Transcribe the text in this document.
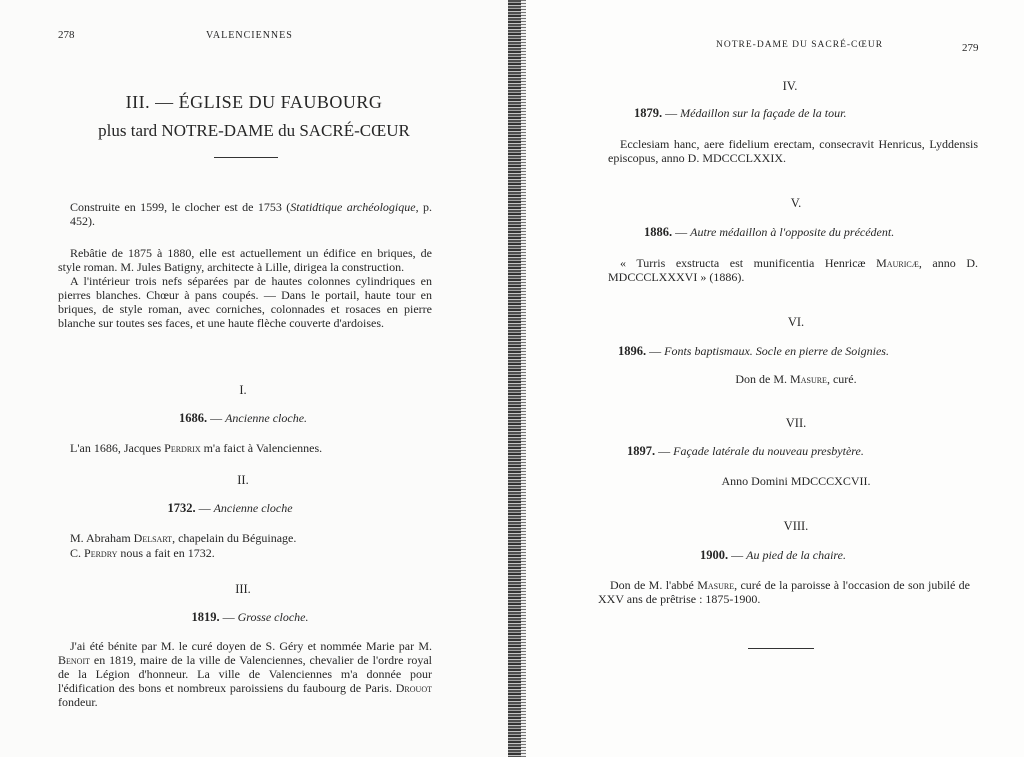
278	VALENCIENNES
III. — ÉGLISE DU FAUBOURG
plus tard NOTRE-DAME du SACRÉ-CŒUR

Construite en 1599, le clocher est de 1753 (Statidtique archéologique, p. 452).

Rebâtie de 1875 à 1880, elle est actuellement un édifice en briques, de style roman. M. Jules Batigny, architecte à Lille, dirigea la construction.

A l'intérieur trois nefs séparées par de hautes colonnes cylindriques en pierres blanches. Chœur à pans coupés. — Dans le portail, haute tour en briques, de style roman, avec corniches, colonnades et rosaces en pierre blanche sur toutes ses faces, et une haute flèche couverte d'ardoises.

I.
1686. — Ancienne cloche.
L'an 1686, Jacques Perdrix m'a faict à Valenciennes.
II.
1732. — Ancienne cloche
M. Abraham Delsart, chapelain du Béguinage.
C. Perdry nous a fait en 1732.
III.
1819. — Grosse cloche.

J'ai été bénite par M. le curé doyen de S. Géry et nommée Marie par M. Benoit en 1819, maire de la ville de Valenciennes, chevalier de l'ordre royal de la Légion d'honneur. La ville de Valenciennes m'a donnée pour l'édification des bons et nombreux paroissiens du faubourg de Paris. Drouot fondeur.

NOTRE-DAME DU SACRÉ-CŒUR	279
IV.
1879. — Médaillon sur la façade de la tour.

Ecclesiam hanc, aere fidelium erectam, consecravit Henricus, Lyddensis episcopus, anno D. MDCCCLXXIX.

V.
1886. — Autre médaillon à l'opposite du précédent.

« Turris exstructa est munificentia Henricæ Mauricæ, anno D. MDCCCLXXXVI » (1886).

VI.
1896. — Fonts baptismaux. Socle en pierre de Soignies.
Don de M. Masure, curé.
VII.
1897. — Façade latérale du nouveau presbytère.
Anno Domini MDCCCXCVII.
VIII.
1900. — Au pied de la chaire.

Don de M. l'abbé Masure, curé de la paroisse à l'occasion de son jubilé de XXV ans de prêtrise : 1875-1900.
